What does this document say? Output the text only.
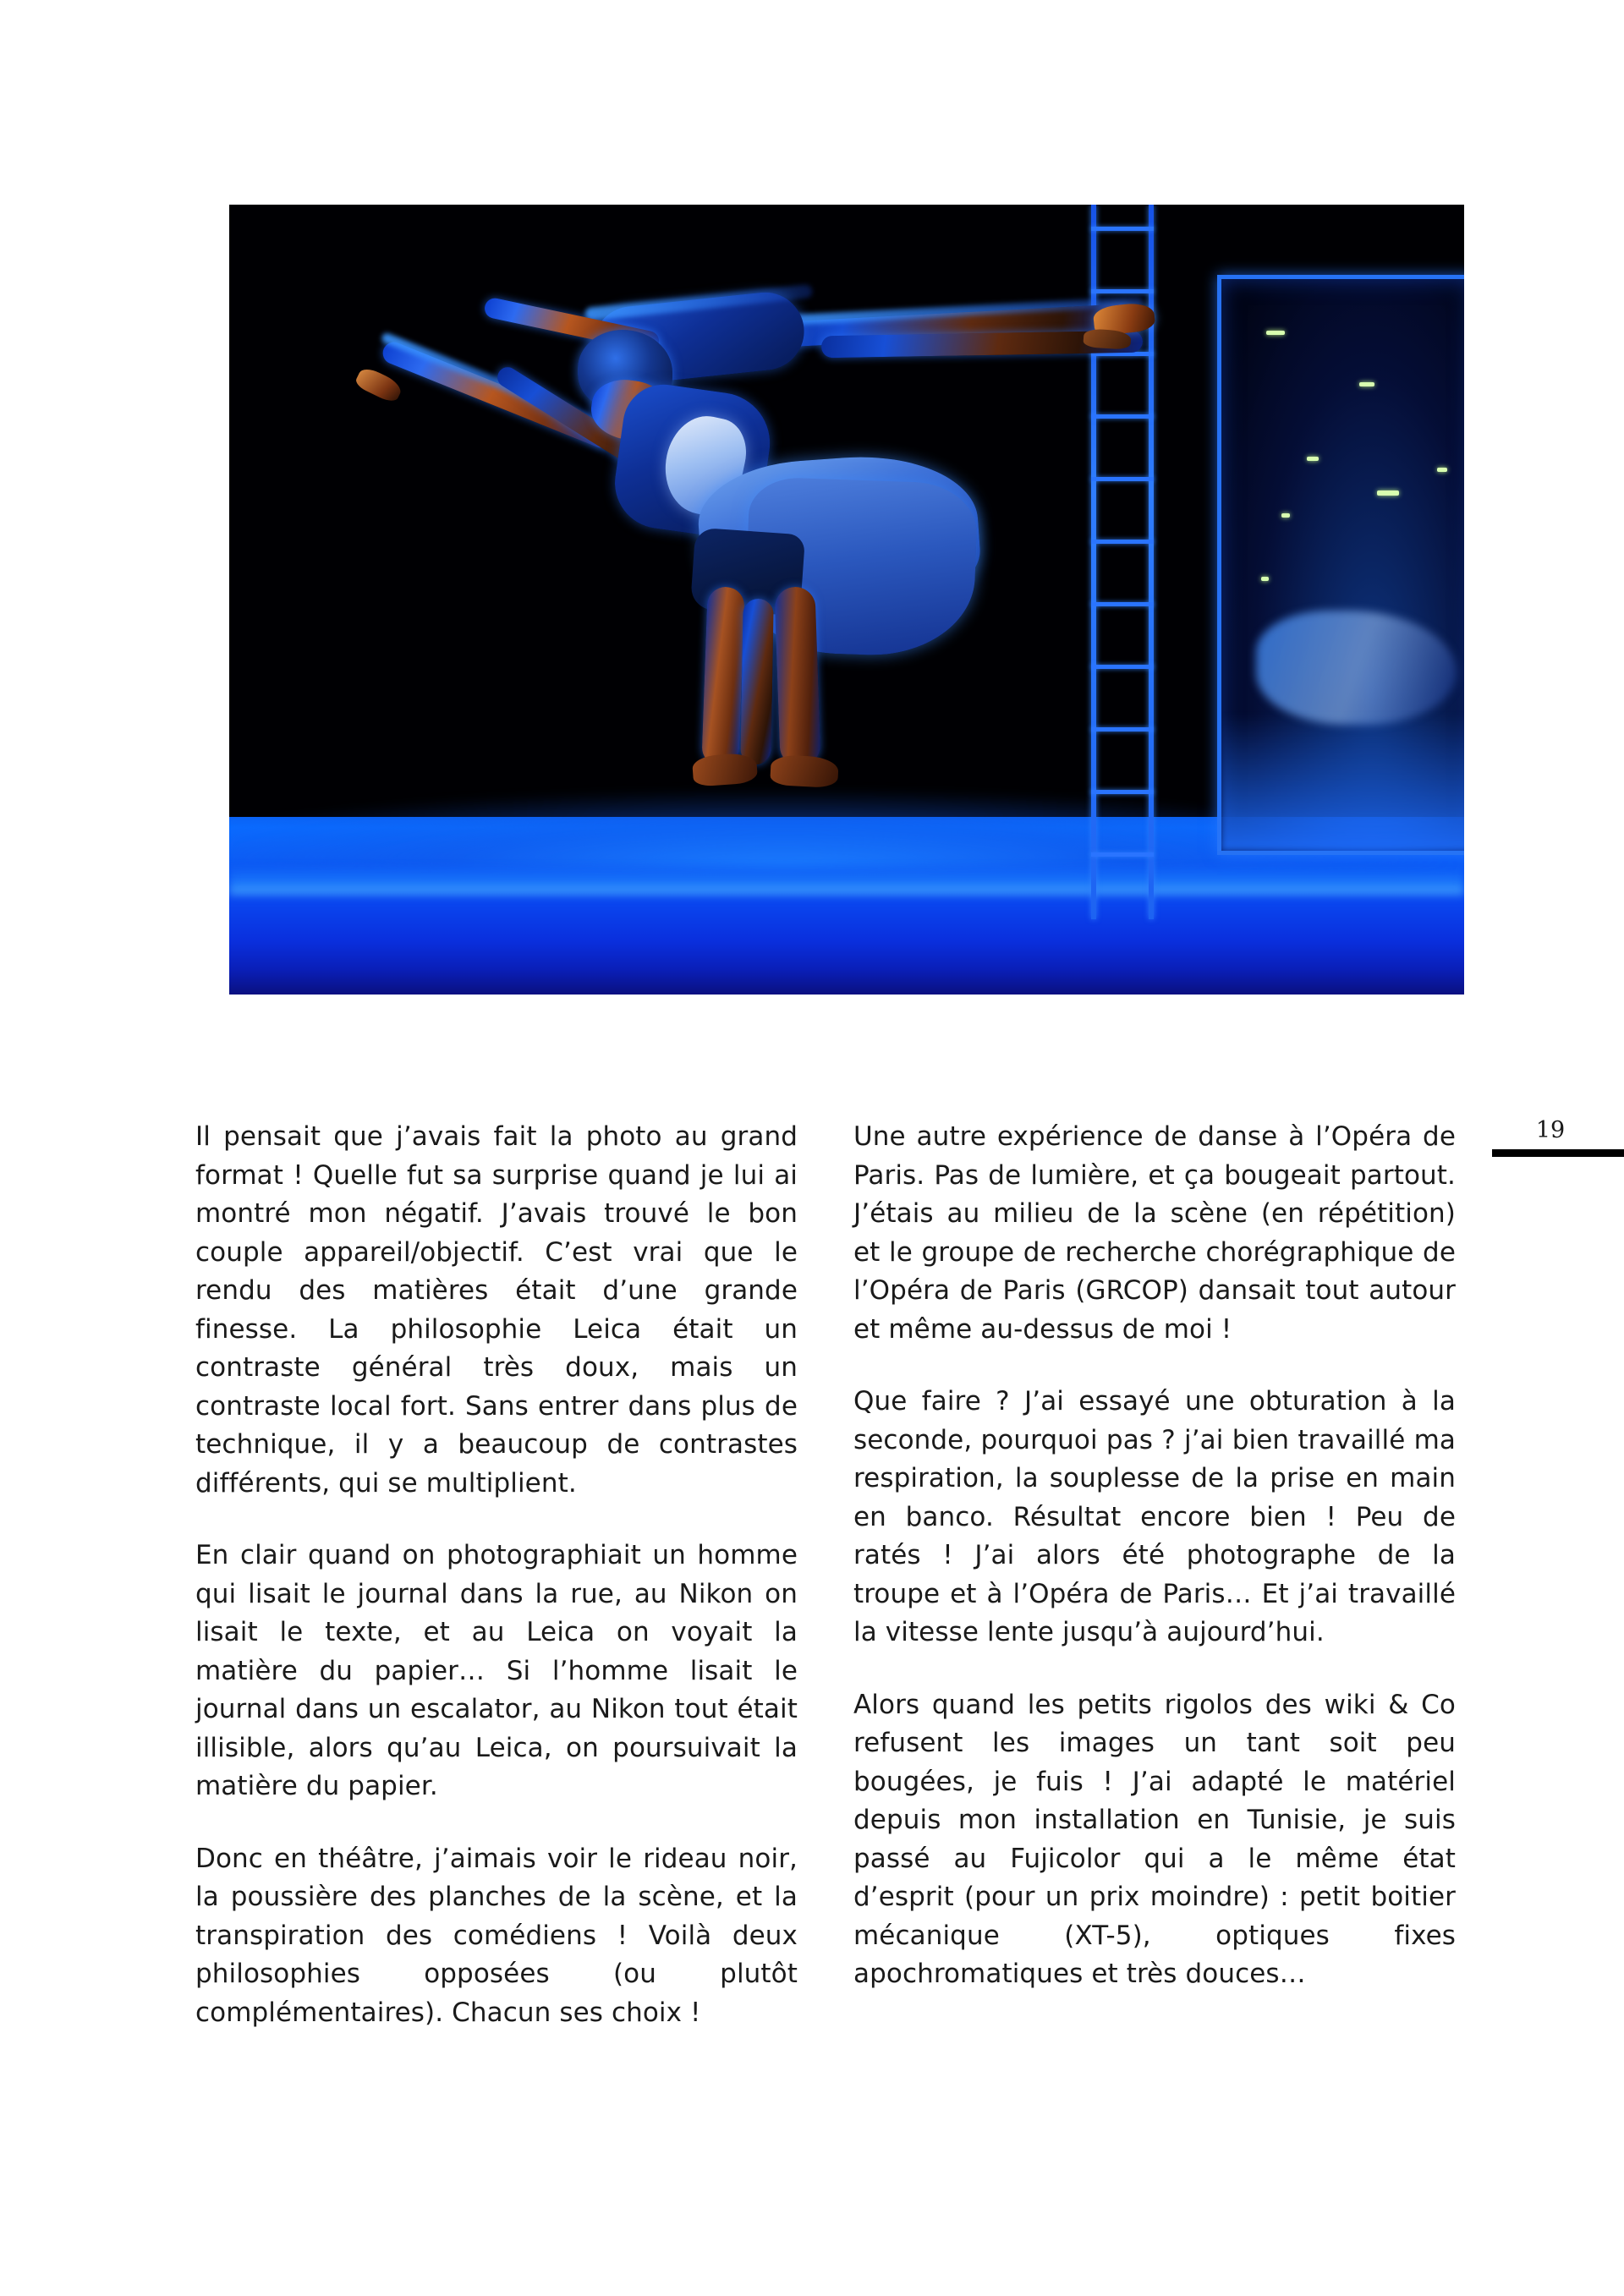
Il pensait que j’avais fait la photo au grand format ! Quelle fut sa surprise quand je lui ai montré mon négatif. J’avais trouvé le bon couple appareil/objectif. C’est vrai que le rendu des matières était d’une grande finesse. La philosophie Leica était un contraste général très doux, mais un contraste local fort. Sans entrer dans plus de technique, il y a beaucoup de contrastes différents, qui se multiplient.

En clair quand on photographiait un homme qui lisait le journal dans la rue, au Nikon on lisait le texte, et au Leica on voyait la matière du papier… Si l’homme lisait le journal dans un escalator, au Nikon tout était illisible, alors qu’au Leica, on poursuivait la matière du papier.

Donc en théâtre, j’aimais voir le rideau noir, la poussière des planches de la scène, et la transpiration des comédiens ! Voilà deux philosophies opposées (ou plutôt complémentaires). Chacun ses choix !

Une autre expérience de danse à l’Opéra de Paris. Pas de lumière, et ça bougeait partout. J’étais au milieu de la scène (en répétition) et le groupe de recherche chorégraphique de l’Opéra de Paris (GRCOP) dansait tout autour et même au-dessus de moi !

Que faire ? J’ai essayé une obturation à la seconde, pourquoi pas ? j’ai bien travaillé ma respiration, la souplesse de la prise en main en banco. Résultat encore bien ! Peu de ratés ! J’ai alors été photographe de la troupe et à l’Opéra de Paris… Et j’ai travaillé la vitesse lente jusqu’à aujourd’hui.

Alors quand les petits rigolos des wiki & Co refusent les images un tant soit peu bougées, je fuis ! J’ai adapté le matériel depuis mon installation en Tunisie, je suis passé au Fujicolor qui a le même état d’esprit (pour un prix moindre) : petit boitier mécanique (XT-5), optiques fixes apochromatiques et très douces…

19
